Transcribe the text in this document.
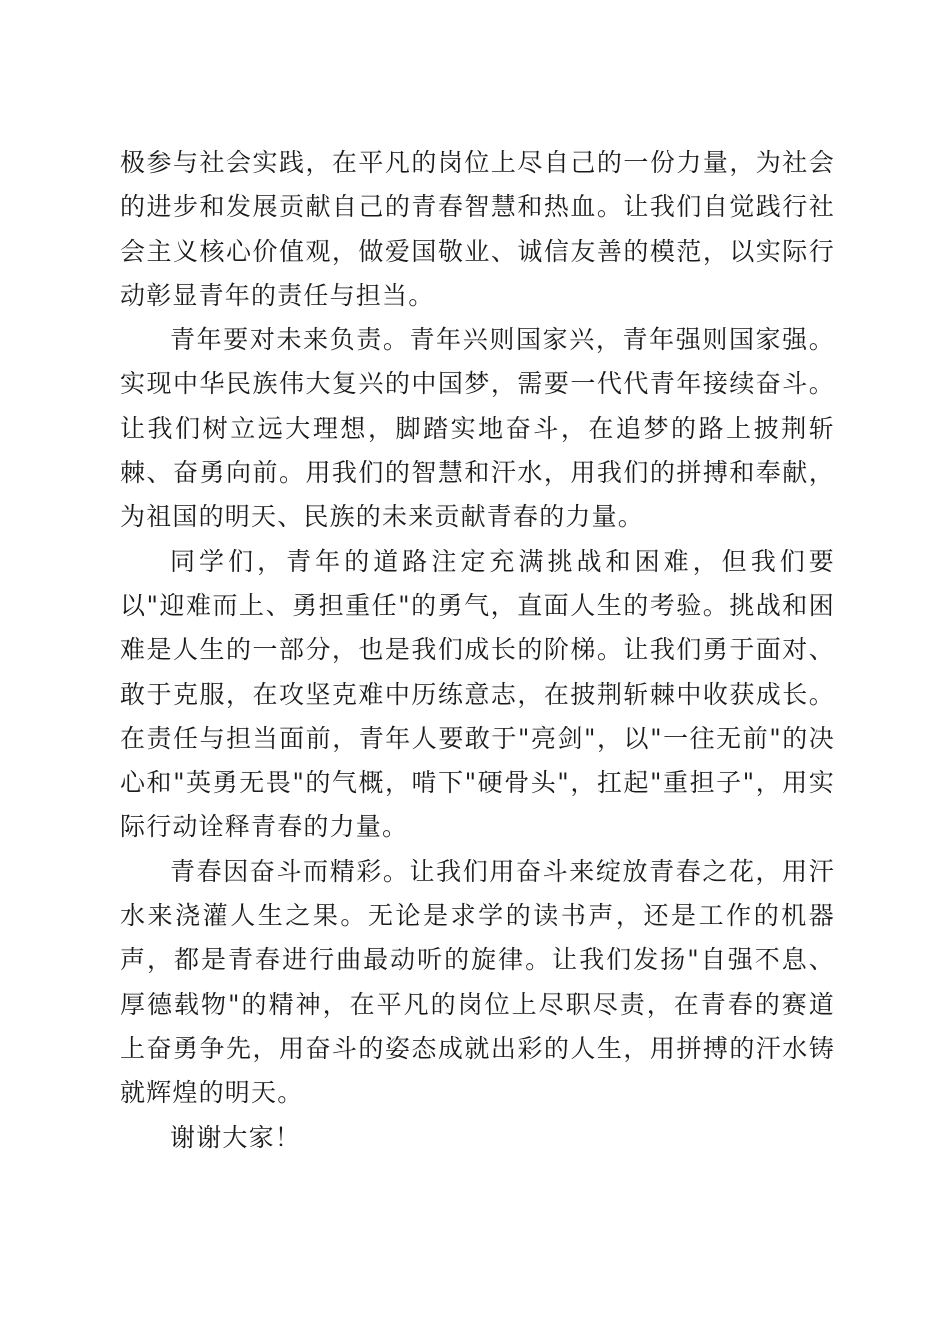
极参与社会实践，在平凡的岗位上尽自己的一份力量，为社会的进步和发展贡献自己的青春智慧和热血。让我们自觉践行社会主义核心价值观，做爱国敬业、诚信友善的模范，以实际行动彰显青年的责任与担当。

青年要对未来负责。青年兴则国家兴，青年强则国家强。实现中华民族伟大复兴的中国梦，需要一代代青年接续奋斗。让我们树立远大理想，脚踏实地奋斗，在追梦的路上披荆斩棘、奋勇向前。用我们的智慧和汗水，用我们的拼搏和奉献，为祖国的明天、民族的未来贡献青春的力量。

同学们，青年的道路注定充满挑战和困难，但我们要以"迎难而上、勇担重任"的勇气，直面人生的考验。挑战和困难是人生的一部分，也是我们成长的阶梯。让我们勇于面对、敢于克服，在攻坚克难中历练意志，在披荆斩棘中收获成长。在责任与担当面前，青年人要敢于"亮剑"，以"一往无前"的决心和"英勇无畏"的气概，啃下"硬骨头"，扛起"重担子"，用实际行动诠释青春的力量。

青春因奋斗而精彩。让我们用奋斗来绽放青春之花，用汗水来浇灌人生之果。无论是求学的读书声，还是工作的机器声，都是青春进行曲最动听的旋律。让我们发扬"自强不息、厚德载物"的精神，在平凡的岗位上尽职尽责，在青春的赛道上奋勇争先，用奋斗的姿态成就出彩的人生，用拼搏的汗水铸就辉煌的明天。

谢谢大家！
